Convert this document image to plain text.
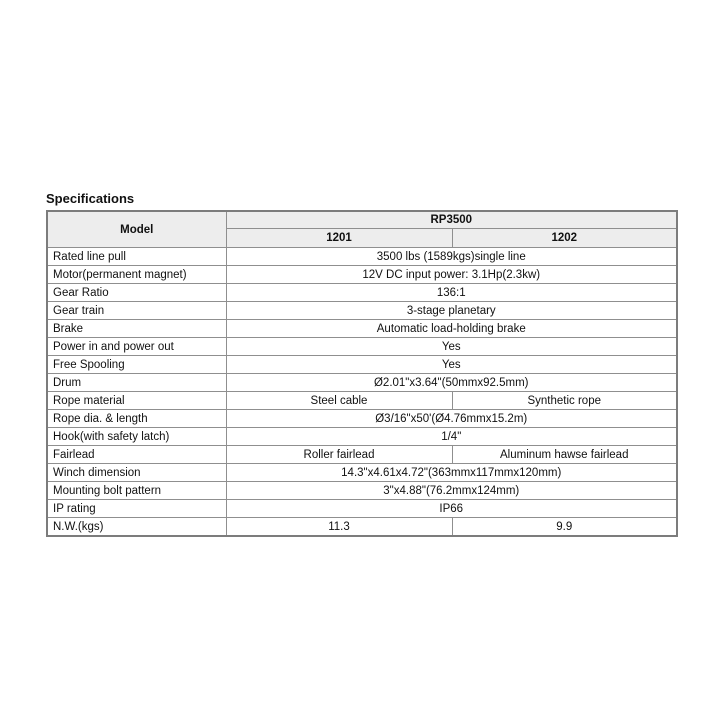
Specifications
Model	RP3500	
	1201	1202
Rated line pull	3500 lbs (1589kgs)single line	
Motor(permanent magnet)	12V DC input power: 3.1Hp(2.3kw)	
Gear Ratio	136:1	
Gear train	3-stage planetary	
Brake	Automatic load-holding brake	
Power in and power out	Yes	
Free Spooling	Yes	
Drum	Ø2.01"x3.64"(50mmx92.5mm)	
Rope material	Steel cable	Synthetic rope
Rope dia. & length	Ø3/16"x50'(Ø4.76mmx15.2m)	
Hook(with safety latch)	1/4"	
Fairlead	Roller fairlead	Aluminum hawse fairlead
Winch dimension	14.3"x4.61x4.72"(363mmx117mmx120mm)	
Mounting bolt pattern	3"x4.88"(76.2mmx124mm)	
IP rating	IP66	
N.W.(kgs)	11.3	9.9
